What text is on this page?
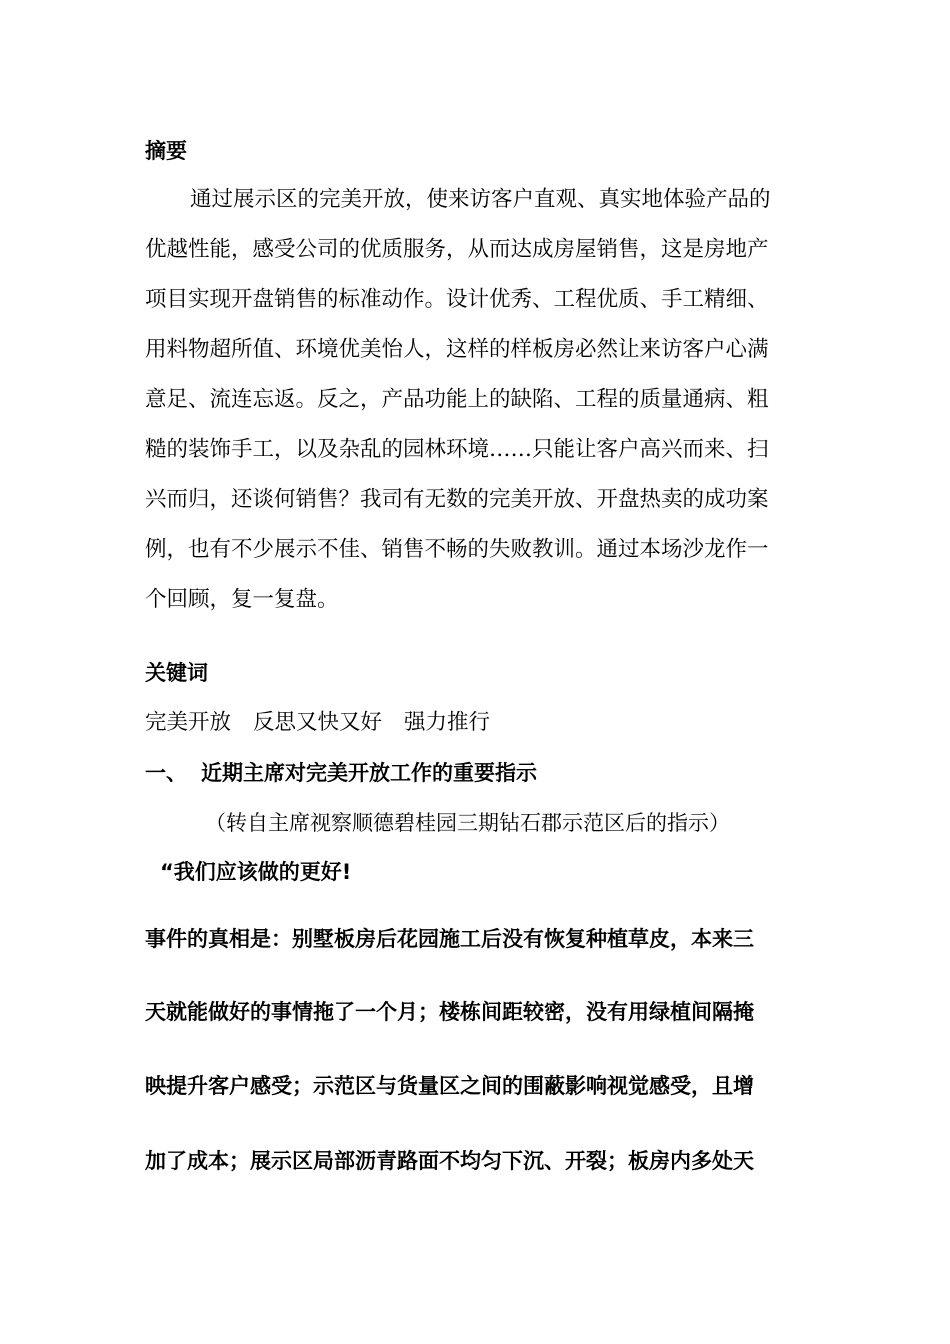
摘要
通过展示区的完美开放，使来访客户直观、真实地体验产品的
优越性能，感受公司的优质服务，从而达成房屋销售，这是房地产
项目实现开盘销售的标准动作。设计优秀、工程优质、手工精细、
用料物超所值、环境优美怡人，这样的样板房必然让来访客户心满
意足、流连忘返。反之，产品功能上的缺陷、工程的质量通病、粗
糙的装饰手工，以及杂乱的园林环境……只能让客户高兴而来、扫
兴而归，还谈何销售？我司有无数的完美开放、开盘热卖的成功案
例，也有不少展示不佳、销售不畅的失败教训。通过本场沙龙作一
个回顾，复一复盘。
关键词
完美开放 反思又快又好 强力推行
一、 近期主席对完美开放工作的重要指示
（转自主席视察顺德碧桂园三期钻石郡示范区后的指示）
“我们应该做的更好!
事件的真相是：别墅板房后花园施工后没有恢复种植草皮，本来三
天就能做好的事情拖了一个月；楼栋间距较密，没有用绿植间隔掩
映提升客户感受；示范区与货量区之间的围蔽影响视觉感受，且增
加了成本；展示区局部沥青路面不均匀下沉、开裂；板房内多处天
